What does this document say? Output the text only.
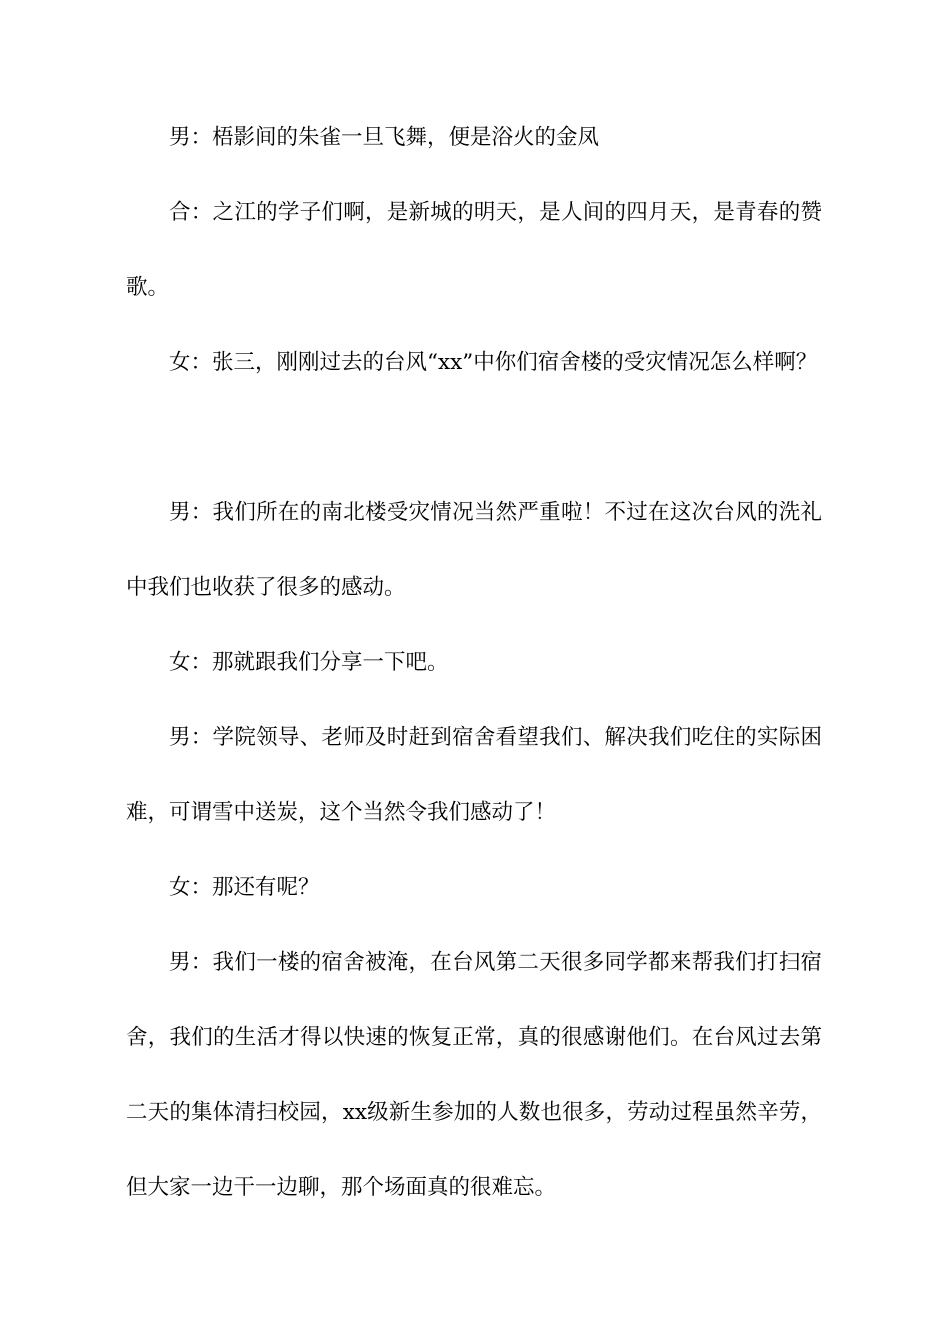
男：梧影间的朱雀一旦飞舞，便是浴火的金凤

合：之江的学子们啊，是新城的明天，是人间的四月天，是青春的赞歌。

女：张三，刚刚过去的台风“xx”中你们宿舍楼的受灾情况怎么样啊？

男：我们所在的南北楼受灾情况当然严重啦！不过在这次台风的洗礼中我们也收获了很多的感动。

女：那就跟我们分享一下吧。

男：学院领导、老师及时赶到宿舍看望我们、解决我们吃住的实际困难，可谓雪中送炭，这个当然令我们感动了！

女：那还有呢？

男：我们一楼的宿舍被淹，在台风第二天很多同学都来帮我们打扫宿舍，我们的生活才得以快速的恢复正常，真的很感谢他们。在台风过去第二天的集体清扫校园，xx级新生参加的人数也很多，劳动过程虽然辛劳，但大家一边干一边聊，那个场面真的很难忘。
